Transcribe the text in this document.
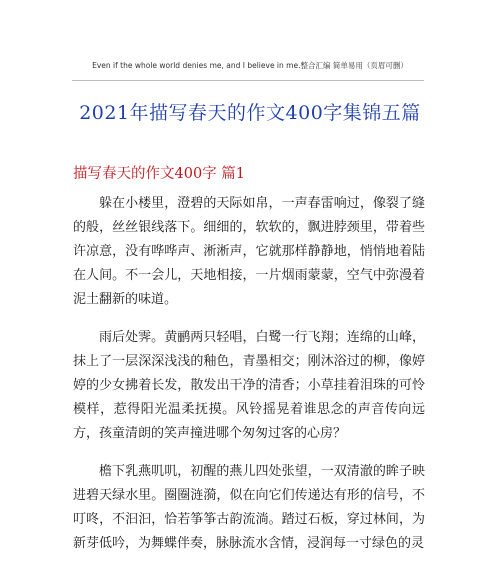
Even if the whole world denies me, and I believe in me.整合汇编 简单易用（页眉可删）
2021年描写春天的作文400字集锦五篇
描写春天的作文400字 篇1

躲在小楼里，澄碧的天际如帛，一声春雷响过，像裂了缝的般，丝丝银线落下。细细的，软软的，飘进脖颈里，带着些许凉意，没有哗哗声、淅淅声，它就那样静静地，悄悄地着陆在人间。不一会儿，天地相接，一片烟雨蒙蒙，空气中弥漫着泥土翻新的味道。

雨后处霁。黄鹂两只轻唱，白鹭一行飞翔；连绵的山峰，抹上了一层深深浅浅的釉色，青墨相交；刚沐浴过的柳，像婷婷的少女拂着长发，散发出干净的清香；小草挂着泪珠的可怜模样，惹得阳光温柔抚摸。风铃摇晃着谁思念的声音传向远方，孩童清朗的笑声撞进哪个匆匆过客的心房？

檐下乳燕叽叽，初醒的燕儿四处张望，一双清澈的眸子映进碧天绿水里。圈圈涟漪，似在向它们传递达有形的信号，不叮咚，不汩汩，恰若筝筝古韵流淌。踏过石板，穿过林间，为新芽低吟，为舞蝶伴奏，脉脉流水含情，浸润每一寸绿色的灵
